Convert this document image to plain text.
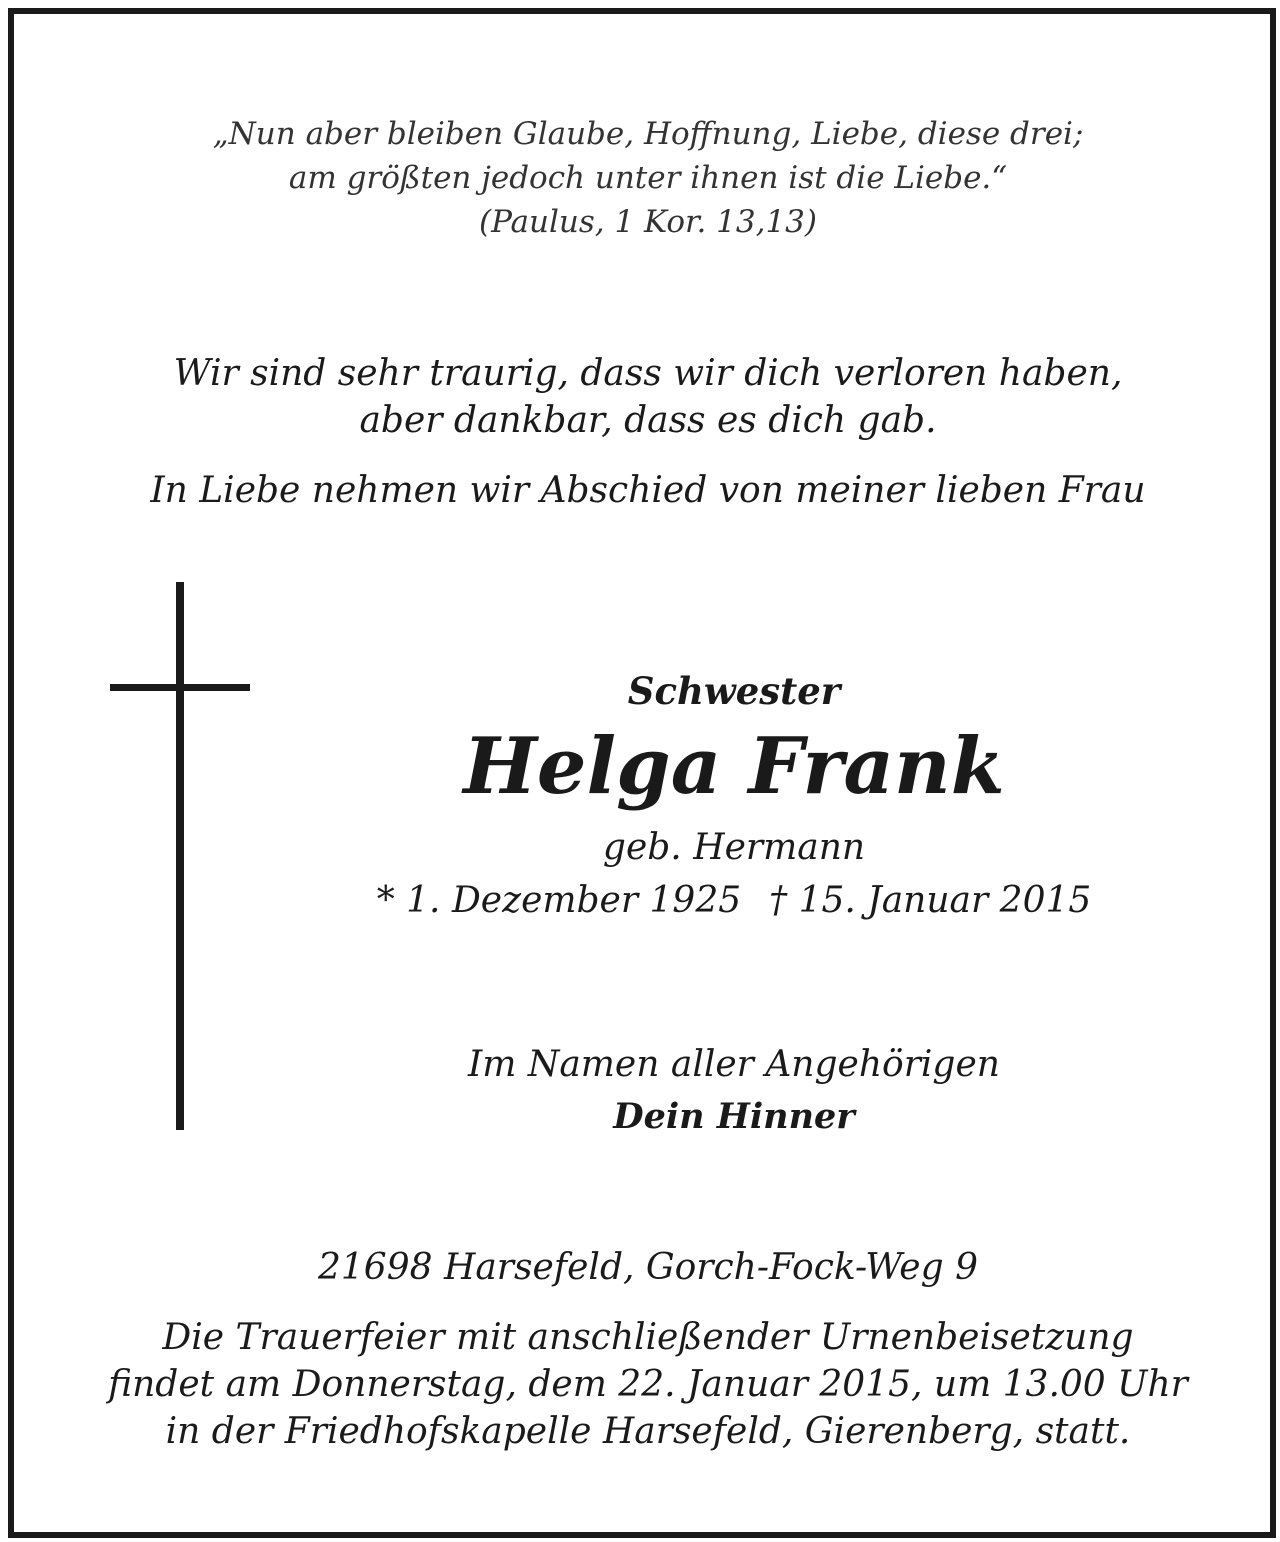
„Nun aber bleiben Glaube, Hoffnung, Liebe, diese drei;
am größten jedoch unter ihnen ist die Liebe.“
(Paulus, 1 Kor. 13,13)
Wir sind sehr traurig, dass wir dich verloren haben,
aber dankbar, dass es dich gab.
In Liebe nehmen wir Abschied von meiner lieben Frau
Schwester
Helga Frank
geb. Hermann
* 1. Dezember 1925 † 15. Januar 2015
Im Namen aller Angehörigen
Dein Hinner
21698 Harsefeld, Gorch-Fock-Weg 9
Die Trauerfeier mit anschließender Urnenbeisetzung
findet am Donnerstag, dem 22. Januar 2015, um 13.00 Uhr
in der Friedhofskapelle Harsefeld, Gierenberg, statt.
